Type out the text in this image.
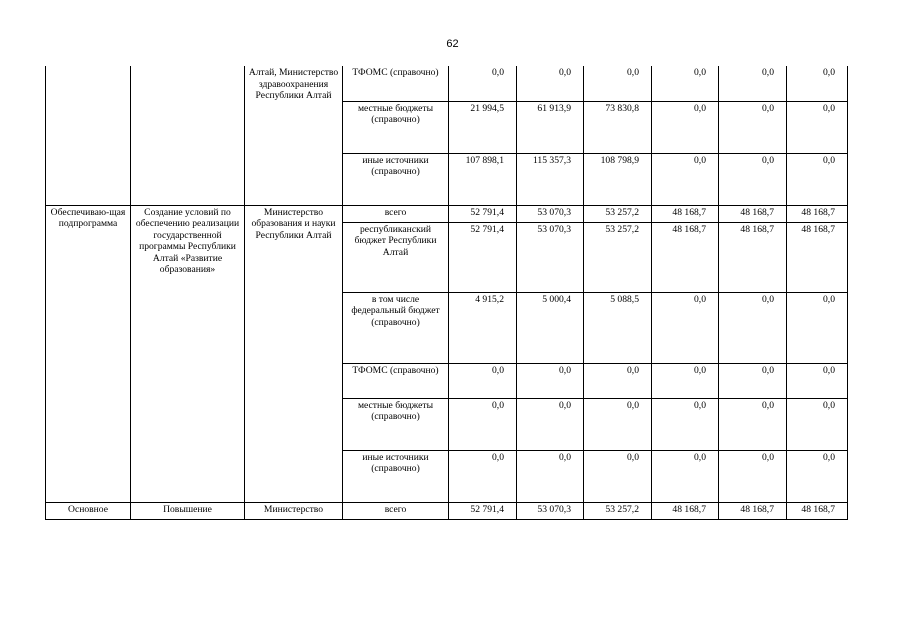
62
		Алтай, Министерство здравоохранения Республики Алтай	ТФОМС (справочно)	0,0	0,0	0,0	0,0	0,0	0,0
			местные бюджеты (справочно)	21 994,5	61 913,9	73 830,8	0,0	0,0	0,0
			иные источники (справочно)	107 898,1	115 357,3	108 798,9	0,0	0,0	0,0
Обеспечиваю-щая подпрограмма	Создание условий по обеспечению реализации государственной программы Республики Алтай «Развитие образования»	Министерство образования и науки Республики Алтай	всего	52 791,4	53 070,3	53 257,2	48 168,7	48 168,7	48 168,7
			республиканский бюджет Республики Алтай	52 791,4	53 070,3	53 257,2	48 168,7	48 168,7	48 168,7
			в том числе федеральный бюджет (справочно)	4 915,2	5 000,4	5 088,5	0,0	0,0	0,0
			ТФОМС (справочно)	0,0	0,0	0,0	0,0	0,0	0,0
			местные бюджеты (справочно)	0,0	0,0	0,0	0,0	0,0	0,0
			иные источники (справочно)	0,0	0,0	0,0	0,0	0,0	0,0
Основное	Повышение	Министерство	всего	52 791,4	53 070,3	53 257,2	48 168,7	48 168,7	48 168,7
